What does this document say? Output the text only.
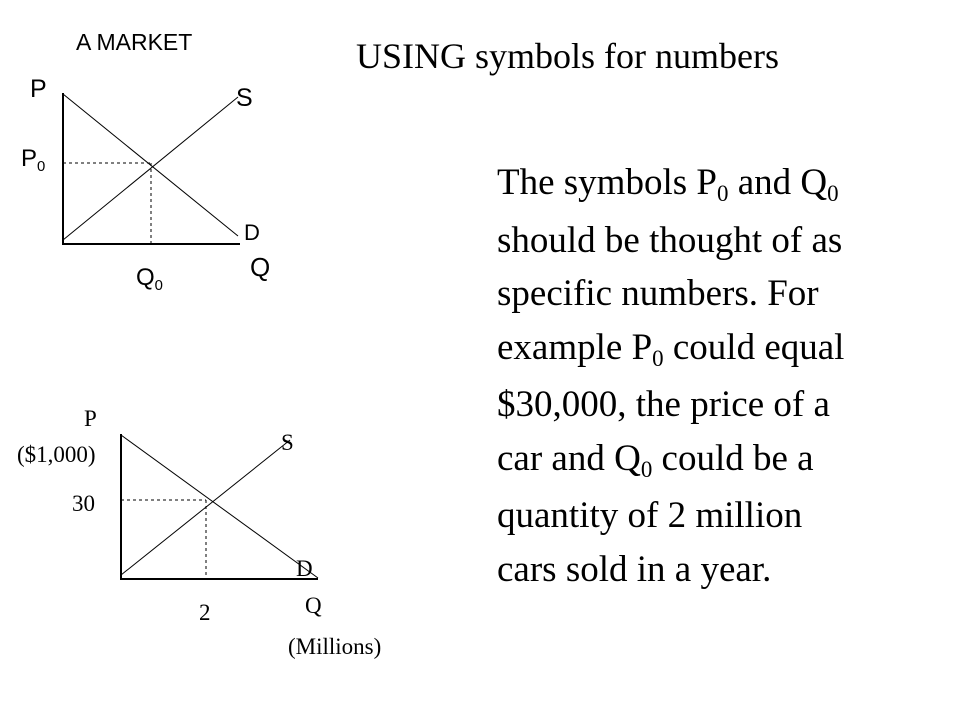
A MARKET
P	S
P0
D
Q
Q0
USING symbols for numbers
The symbols P0 and Q0
should be thought of as
specific numbers. For
example P0 could equal
$30,000, the price of a
car and Q0 could be a
quantity of 2 million
cars sold in a year.
P
S
($1,000)
30
D
Q
2
(Millions)
